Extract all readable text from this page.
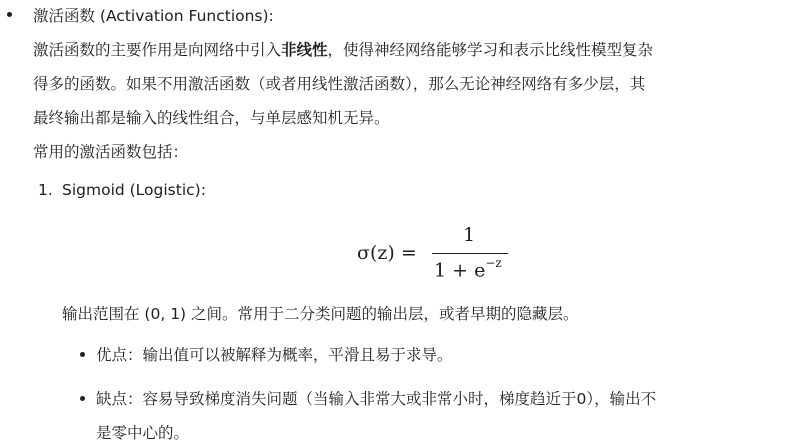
激活函数 (Activation Functions):
激活函数的主要作用是向网络中引入非线性，使得神经网络能够学习和表示比线性模型复杂
得多的函数。如果不用激活函数（或者用线性激活函数），那么无论神经网络有多少层，其
最终输出都是输入的线性组合，与单层感知机无异。
常用的激活函数包括：
1. Sigmoid (Logistic):
σ(z) =
1
$1 + e^{-z}$
输出范围在 (0, 1) 之间。常用于二分类问题的输出层，或者早期的隐藏层。
优点：输出值可以被解释为概率，平滑且易于求导。
缺点：容易导致梯度消失问题（当输入非常大或非常小时，梯度趋近于0），输出不
是零中心的。
